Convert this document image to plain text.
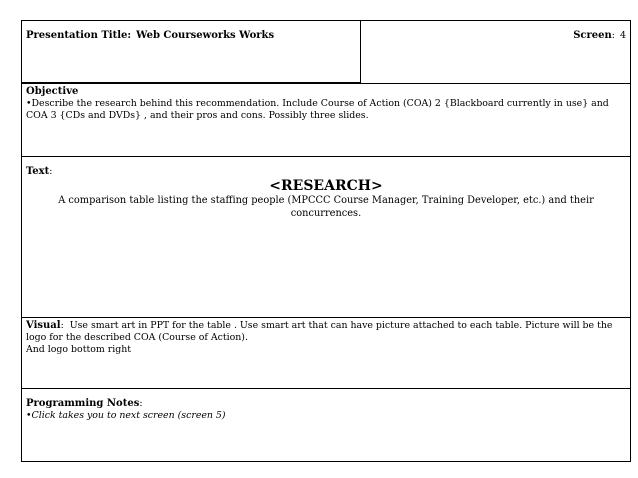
Presentation Title: Web Courseworks Works	Screen: 4
Objective
•Describe the research behind this recommendation. Include Course of Action (COA) 2 {Blackboard currently in use} and COA 3 {CDs and DVDs} , and their pros and cons. Possibly three slides.
Text:
<RESEARCH>
A comparison table listing the staffing people (MPCCC Course Manager, Training Developer, etc.) and their concurrences.
Visual: Use smart art in PPT for the table . Use smart art that can have picture attached to each table. Picture will be the logo for the described COA (Course of Action).
And logo bottom right
Programming Notes:
•Click takes you to next screen (screen 5)
